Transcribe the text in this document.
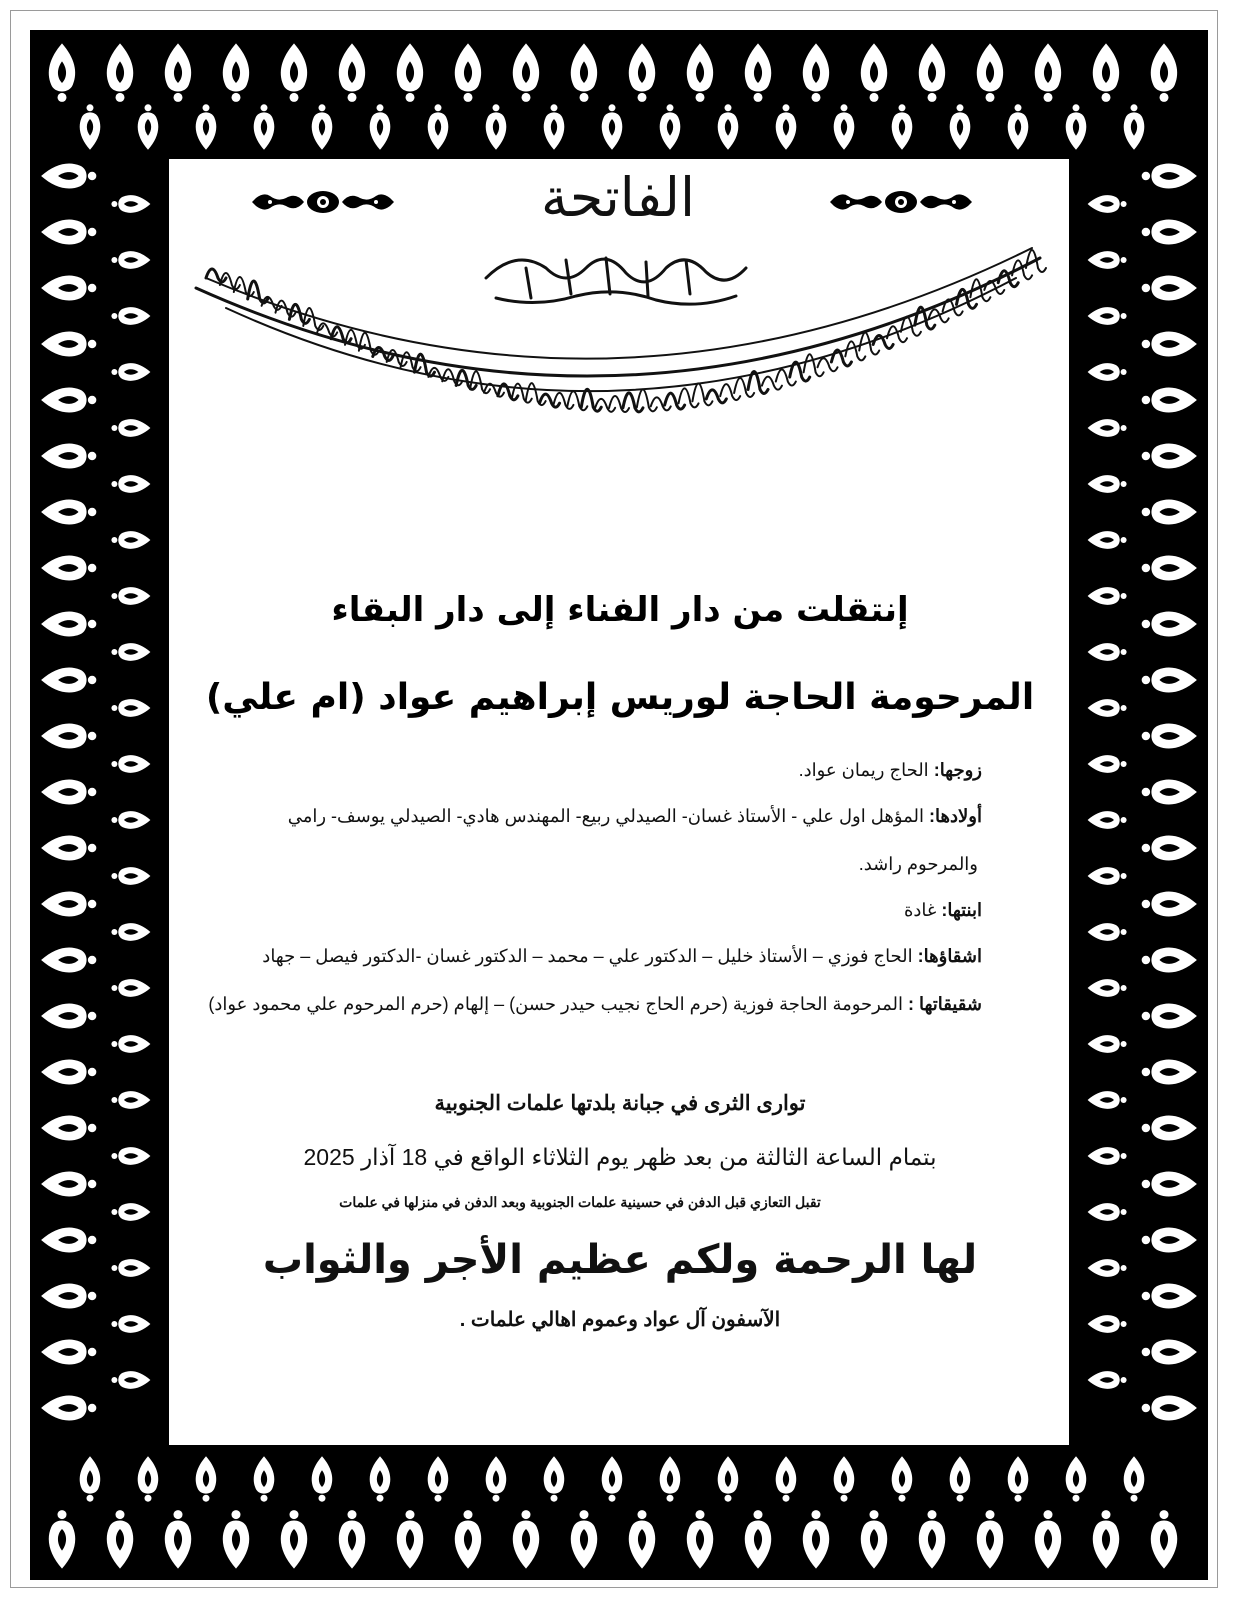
الفاتحة
إنتقلت من دار الفناء إلى دار البقاء
المرحومة الحاجة لوريس إبراهيم عواد (ام علي)
زوجها: الحاج ريمان عواد.
أولادها: المؤهل اول علي - الأستاذ غسان- الصيدلي ربيع- المهندس هادي- الصيدلي يوسف- رامي
والمرحوم راشد.
ابنتها: غادة
اشقاؤها: الحاج فوزي – الأستاذ خليل – الدكتور علي – محمد – الدكتور غسان -الدكتور فيصل – جهاد
شقيقاتها : المرحومة الحاجة فوزية (حرم الحاج نجيب حيدر حسن) – إلهام (حرم المرحوم علي محمود عواد)
توارى الثرى في جبانة بلدتها علمات الجنوبية
بتمام الساعة الثالثة من بعد ظهر يوم الثلاثاء الواقع في 18 آذار 2025
تقبل التعازي قبل الدفن في حسينية علمات الجنوبية وبعد الدفن في منزلها في علمات
لها الرحمة ولكم عظيم الأجر والثواب
الآسفون آل عواد وعموم اهالي علمات .
